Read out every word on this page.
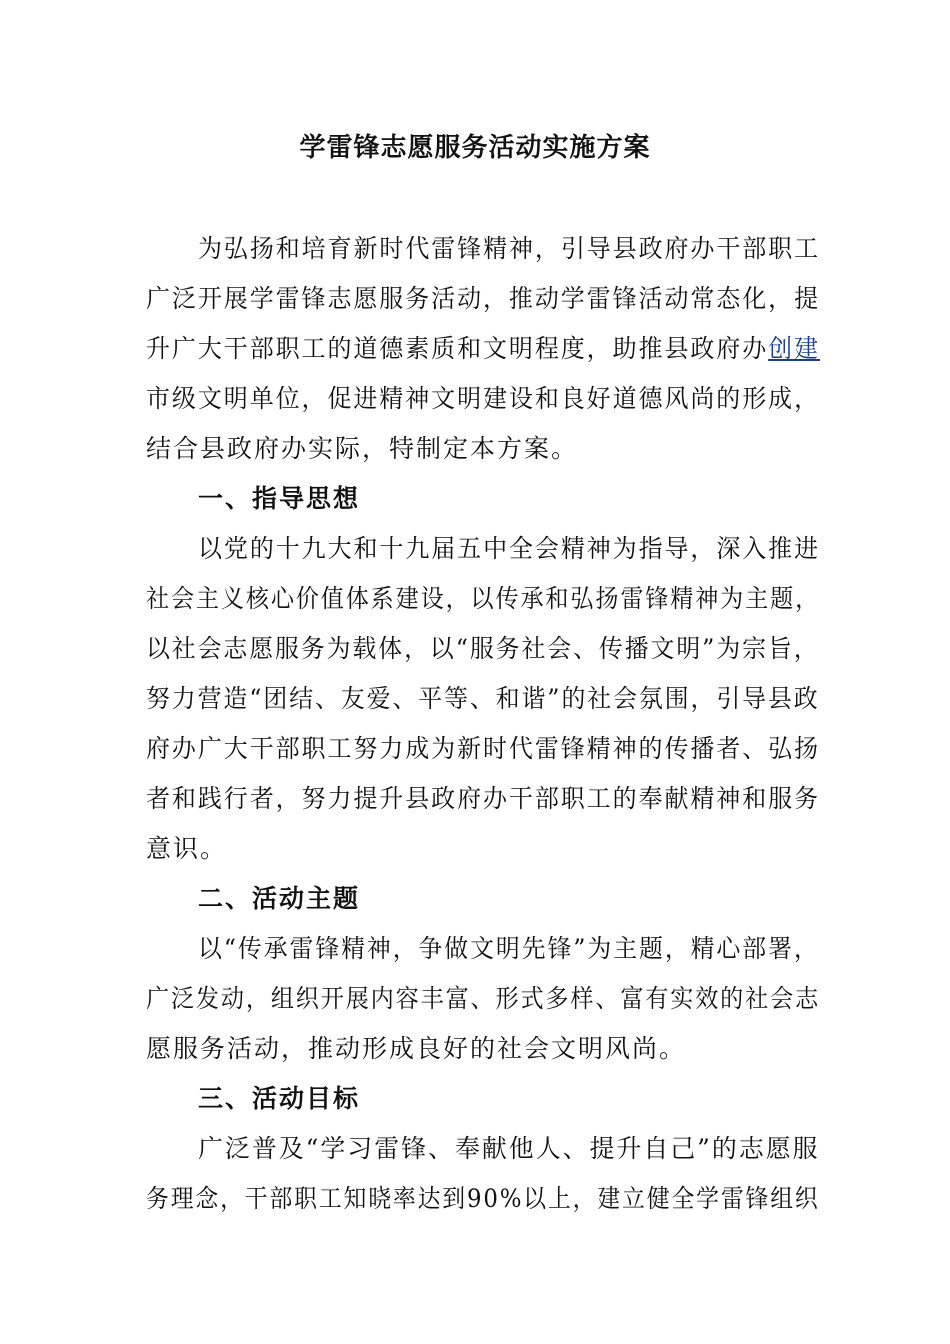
学雷锋志愿服务活动实施方案
为弘扬和培育新时代雷锋精神，引导县政府办干部职工
广泛开展学雷锋志愿服务活动，推动学雷锋活动常态化，提
升广大干部职工的道德素质和文明程度，助推县政府办创建
市级文明单位，促进精神文明建设和良好道德风尚的形成，
结合县政府办实际，特制定本方案。
一、指导思想
以党的十九大和十九届五中全会精神为指导，深入推进
社会主义核心价值体系建设，以传承和弘扬雷锋精神为主题，
以社会志愿服务为载体，以“服务社会、传播文明”为宗旨，
努力营造“团结、友爱、平等、和谐”的社会氛围，引导县政
府办广大干部职工努力成为新时代雷锋精神的传播者、弘扬
者和践行者，努力提升县政府办干部职工的奉献精神和服务
意识。
二、活动主题
以“传承雷锋精神，争做文明先锋”为主题，精心部署，
广泛发动，组织开展内容丰富、形式多样、富有实效的社会志
愿服务活动，推动形成良好的社会文明风尚。
三、活动目标
广泛普及“学习雷锋、奉献他人、提升自己”的志愿服
务理念，干部职工知晓率达到90%以上，建立健全学雷锋组织
